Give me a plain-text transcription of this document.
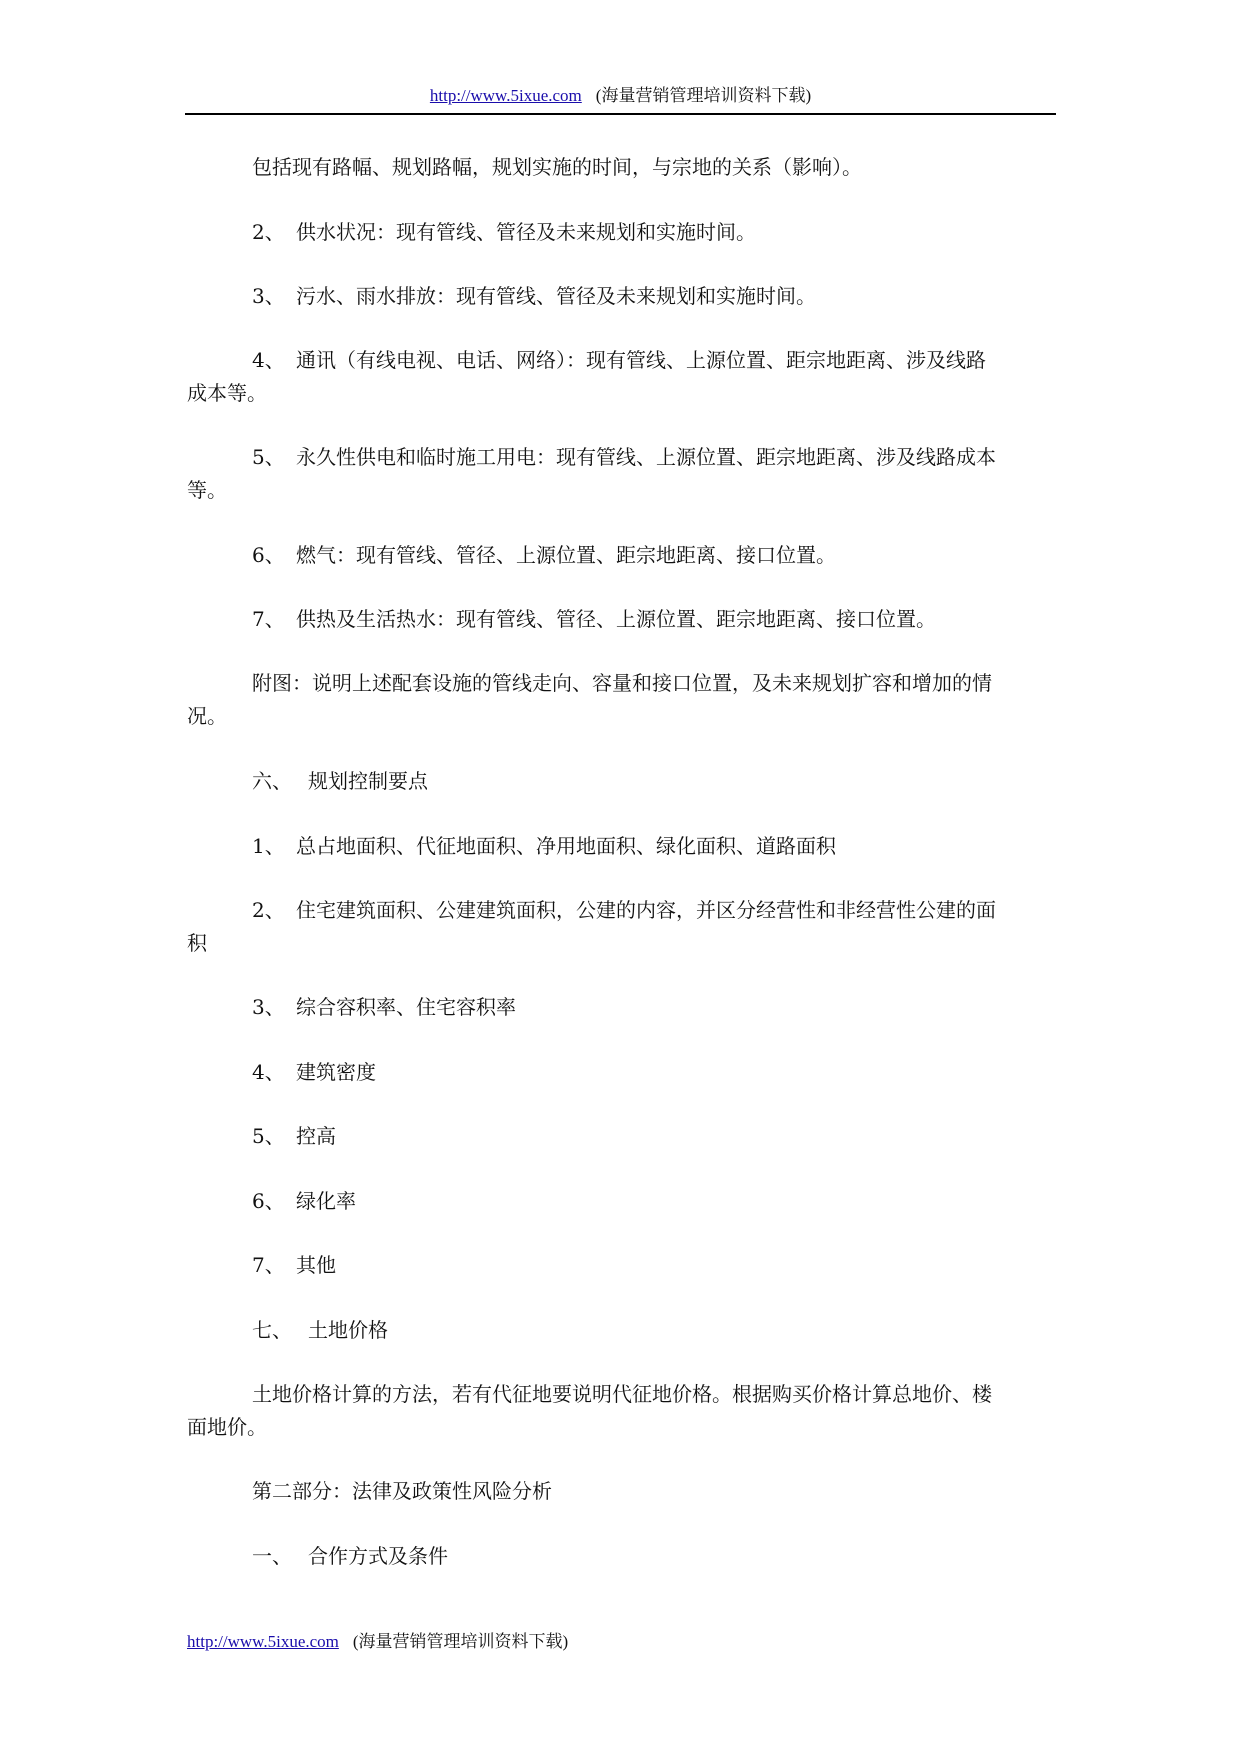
http://www.5ixue.com (海量营销管理培训资料下载)
包括现有路幅、规划路幅，规划实施的时间，与宗地的关系（影响）。
2、 供水状况：现有管线、管径及未来规划和实施时间。
3、 污水、雨水排放：现有管线、管径及未来规划和实施时间。
4、 通讯（有线电视、电话、网络）：现有管线、上源位置、距宗地距离、涉及线路
成本等。
5、 永久性供电和临时施工用电：现有管线、上源位置、距宗地距离、涉及线路成本
等。
6、 燃气：现有管线、管径、上源位置、距宗地距离、接口位置。
7、 供热及生活热水：现有管线、管径、上源位置、距宗地距离、接口位置。
附图：说明上述配套设施的管线走向、容量和接口位置，及未来规划扩容和增加的情
况。
六、 规划控制要点
1、 总占地面积、代征地面积、净用地面积、绿化面积、道路面积
2、 住宅建筑面积、公建建筑面积，公建的内容，并区分经营性和非经营性公建的面
积
3、 综合容积率、住宅容积率
4、 建筑密度
5、 控高
6、 绿化率
7、 其他
七、 土地价格
土地价格计算的方法，若有代征地要说明代征地价格。根据购买价格计算总地价、楼
面地价。
第二部分：法律及政策性风险分析
一、 合作方式及条件
http://www.5ixue.com (海量营销管理培训资料下载)
